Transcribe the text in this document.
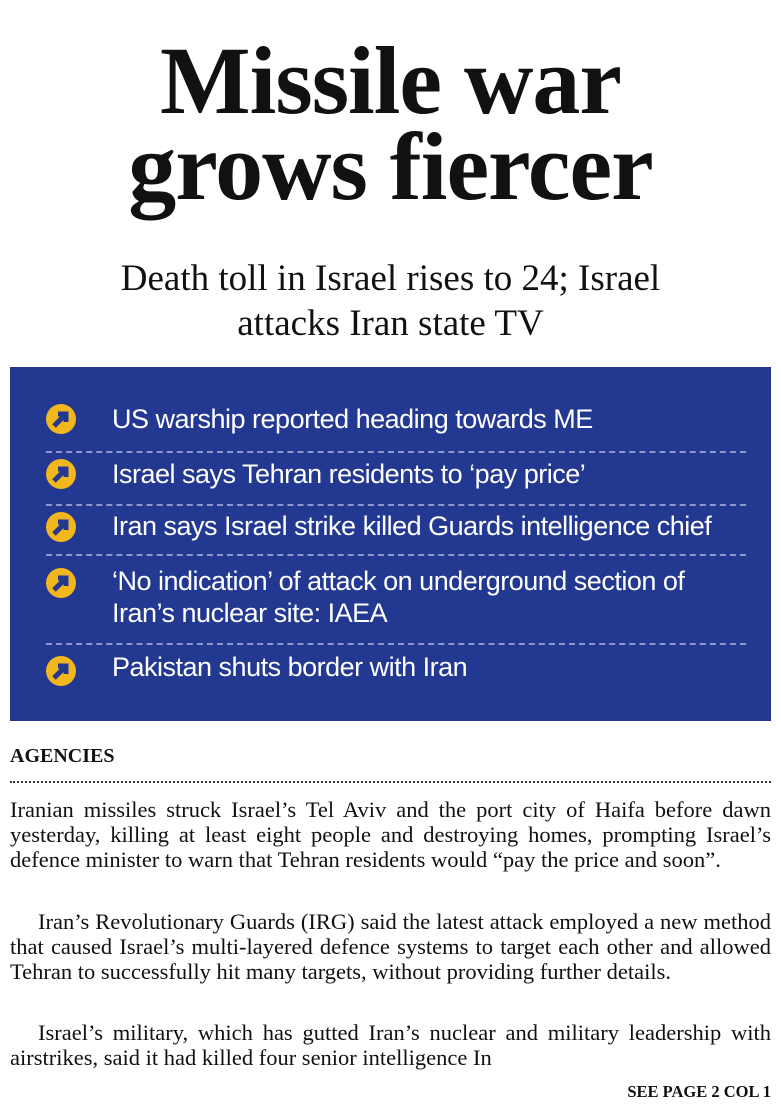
Missile war
grows fiercer
Death toll in Israel rises to 24; Israel
attacks Iran state TV
US warship reported heading towards ME
Israel says Tehran residents to ‘pay price’
Iran says Israel strike killed Guards intelligence chief
‘No indication’ of attack on underground section of
Iran’s nuclear site: IAEA
Pakistan shuts border with Iran
AGENCIES

Iranian missiles struck Israel’s Tel Aviv and the port city of Haifa before dawn yesterday, killing at least eight people and destroying homes, prompting Israel’s defence minister to warn that Tehran residents would “pay the price and soon”.

Iran’s Revolutionary Guards (IRG) said the latest attack employed a new method that caused Israel’s multi-layered defence systems to target each other and allowed Tehran to successfully hit many targets, without providing further details.

Israel’s military, which has gutted Iran’s nuclear and military leadership with airstrikes, said it had killed four senior intelligence In

SEE PAGE 2 COL 1
